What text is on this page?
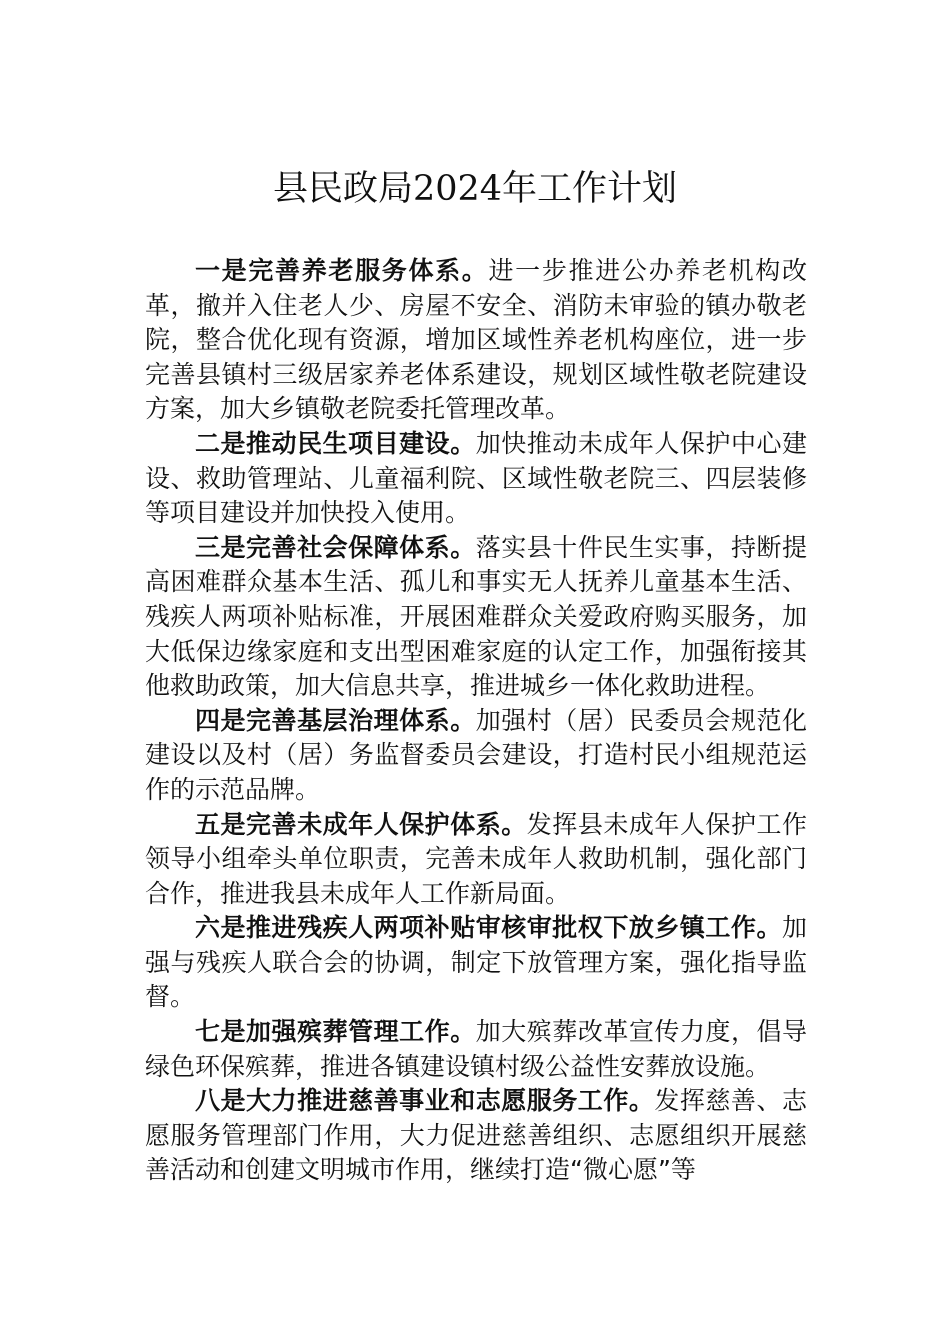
县民政局2024年工作计划

一是完善养老服务体系。进一步推进公办养老机构改革，撤并入住老人少、房屋不安全、消防未审验的镇办敬老院，整合优化现有资源，增加区域性养老机构座位，进一步完善县镇村三级居家养老体系建设，规划区域性敬老院建设方案，加大乡镇敬老院委托管理改革。

二是推动民生项目建设。加快推动未成年人保护中心建设、救助管理站、儿童福利院、区域性敬老院三、四层装修等项目建设并加快投入使用。

三是完善社会保障体系。落实县十件民生实事，持断提高困难群众基本生活、孤儿和事实无人抚养儿童基本生活、残疾人两项补贴标准，开展困难群众关爱政府购买服务，加大低保边缘家庭和支出型困难家庭的认定工作，加强衔接其他救助政策，加大信息共享，推进城乡一体化救助进程。

四是完善基层治理体系。加强村（居）民委员会规范化建设以及村（居）务监督委员会建设，打造村民小组规范运作的示范品牌。

五是完善未成年人保护体系。发挥县未成年人保护工作领导小组牵头单位职责，完善未成年人救助机制，强化部门合作，推进我县未成年人工作新局面。

六是推进残疾人两项补贴审核审批权下放乡镇工作。加强与残疾人联合会的协调，制定下放管理方案，强化指导监督。

七是加强殡葬管理工作。加大殡葬改革宣传力度，倡导绿色环保殡葬，推进各镇建设镇村级公益性安葬放设施。

八是大力推进慈善事业和志愿服务工作。发挥慈善、志愿服务管理部门作用，大力促进慈善组织、志愿组织开展慈善活动和创建文明城市作用，继续打造“微心愿”等
